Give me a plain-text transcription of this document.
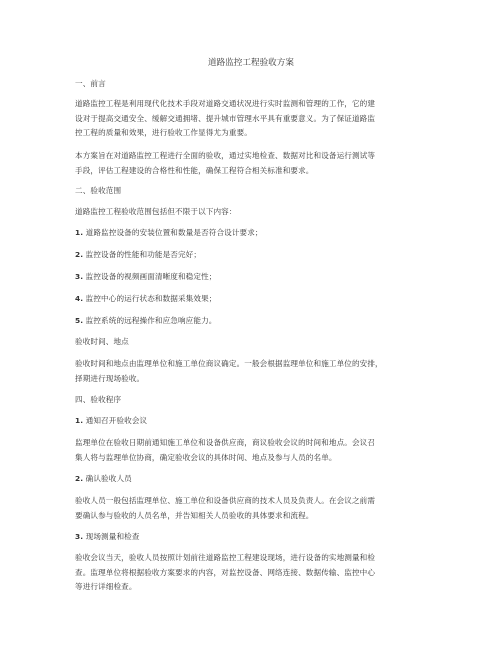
道路监控工程验收方案
一、前言
道路监控工程是利用现代化技术手段对道路交通状况进行实时监测和管理的工作，它的建
设对于提高交通安全、缓解交通拥堵、提升城市管理水平具有重要意义。为了保证道路监
控工程的质量和效果，进行验收工作显得尤为重要。
本方案旨在对道路监控工程进行全面的验收，通过实地检查、数据对比和设备运行测试等
手段，评估工程建设的合格性和性能，确保工程符合相关标准和要求。
二、验收范围
道路监控工程验收范围包括但不限于以下内容：
1. 道路监控设备的安装位置和数量是否符合设计要求；
2. 监控设备的性能和功能是否完好；
3. 监控设备的视频画面清晰度和稳定性；
4. 监控中心的运行状态和数据采集效果；
5. 监控系统的远程操作和应急响应能力。
验收时间、地点
验收时间和地点由监理单位和施工单位商议确定。一般会根据监理单位和施工单位的安排，
择期进行现场验收。
四、验收程序
1. 通知召开验收会议
监理单位在验收日期前通知施工单位和设备供应商，商议验收会议的时间和地点。会议召
集人将与监理单位协商，确定验收会议的具体时间、地点及参与人员的名单。
2. 确认验收人员
验收人员一般包括监理单位、施工单位和设备供应商的技术人员及负责人。在会议之前需
要确认参与验收的人员名单，并告知相关人员验收的具体要求和流程。
3. 现场测量和检查
验收会议当天，验收人员按照计划前往道路监控工程建设现场，进行设备的实地测量和检
查。监理单位将根据验收方案要求的内容，对监控设备、网络连接、数据传输、监控中心
等进行详细检查。
